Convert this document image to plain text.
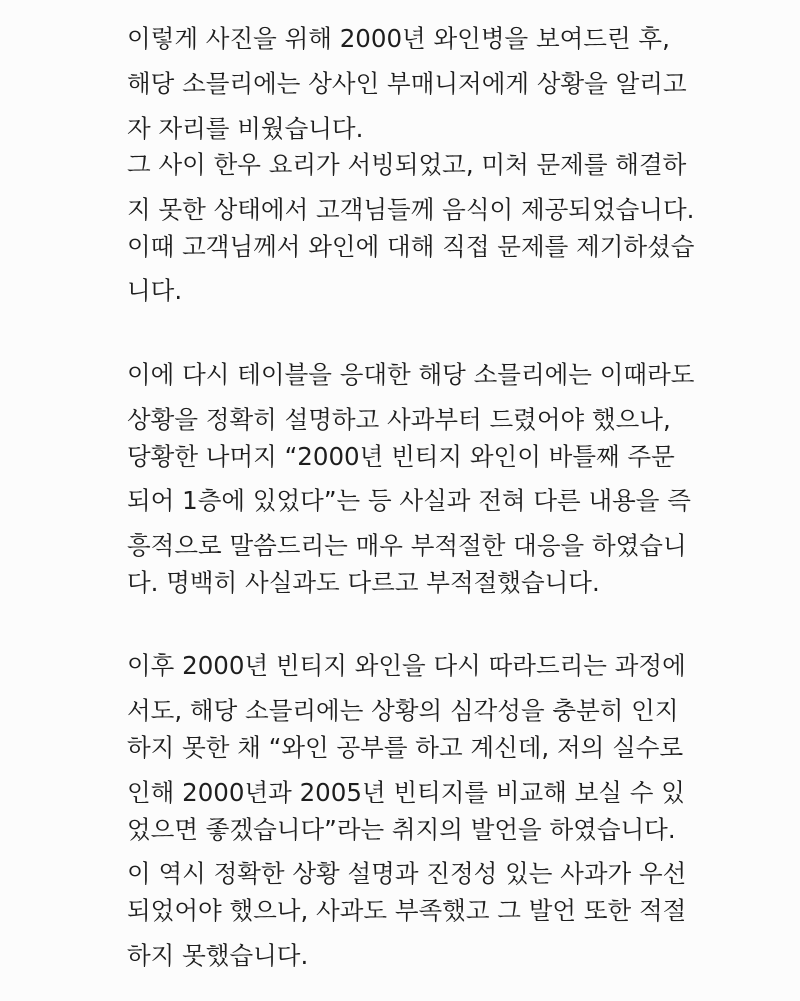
이렇게 사진을 위해 2000년 와인병을 보여드린 후,

해당 소믈리에는 상사인 부매니저에게 상황을 알리고

자 자리를 비웠습니다.

그 사이 한우 요리가 서빙되었고, 미처 문제를 해결하

지 못한 상태에서 고객님들께 음식이 제공되었습니다.

이때 고객님께서 와인에 대해 직접 문제를 제기하셨습

니다.

이에 다시 테이블을 응대한 해당 소믈리에는 이때라도

상황을 정확히 설명하고 사과부터 드렸어야 했으나,

당황한 나머지 “2000년 빈티지 와인이 바틀째 주문

되어 1층에 있었다”는 등 사실과 전혀 다른 내용을 즉

흥적으로 말씀드리는 매우 부적절한 대응을 하였습니

다. 명백히 사실과도 다르고 부적절했습니다.

이후 2000년 빈티지 와인을 다시 따라드리는 과정에

서도, 해당 소믈리에는 상황의 심각성을 충분히 인지

하지 못한 채 “와인 공부를 하고 계신데, 저의 실수로

인해 2000년과 2005년 빈티지를 비교해 보실 수 있

었으면 좋겠습니다”라는 취지의 발언을 하였습니다.

이 역시 정확한 상황 설명과 진정성 있는 사과가 우선

되었어야 했으나, 사과도 부족했고 그 발언 또한 적절

하지 못했습니다.
